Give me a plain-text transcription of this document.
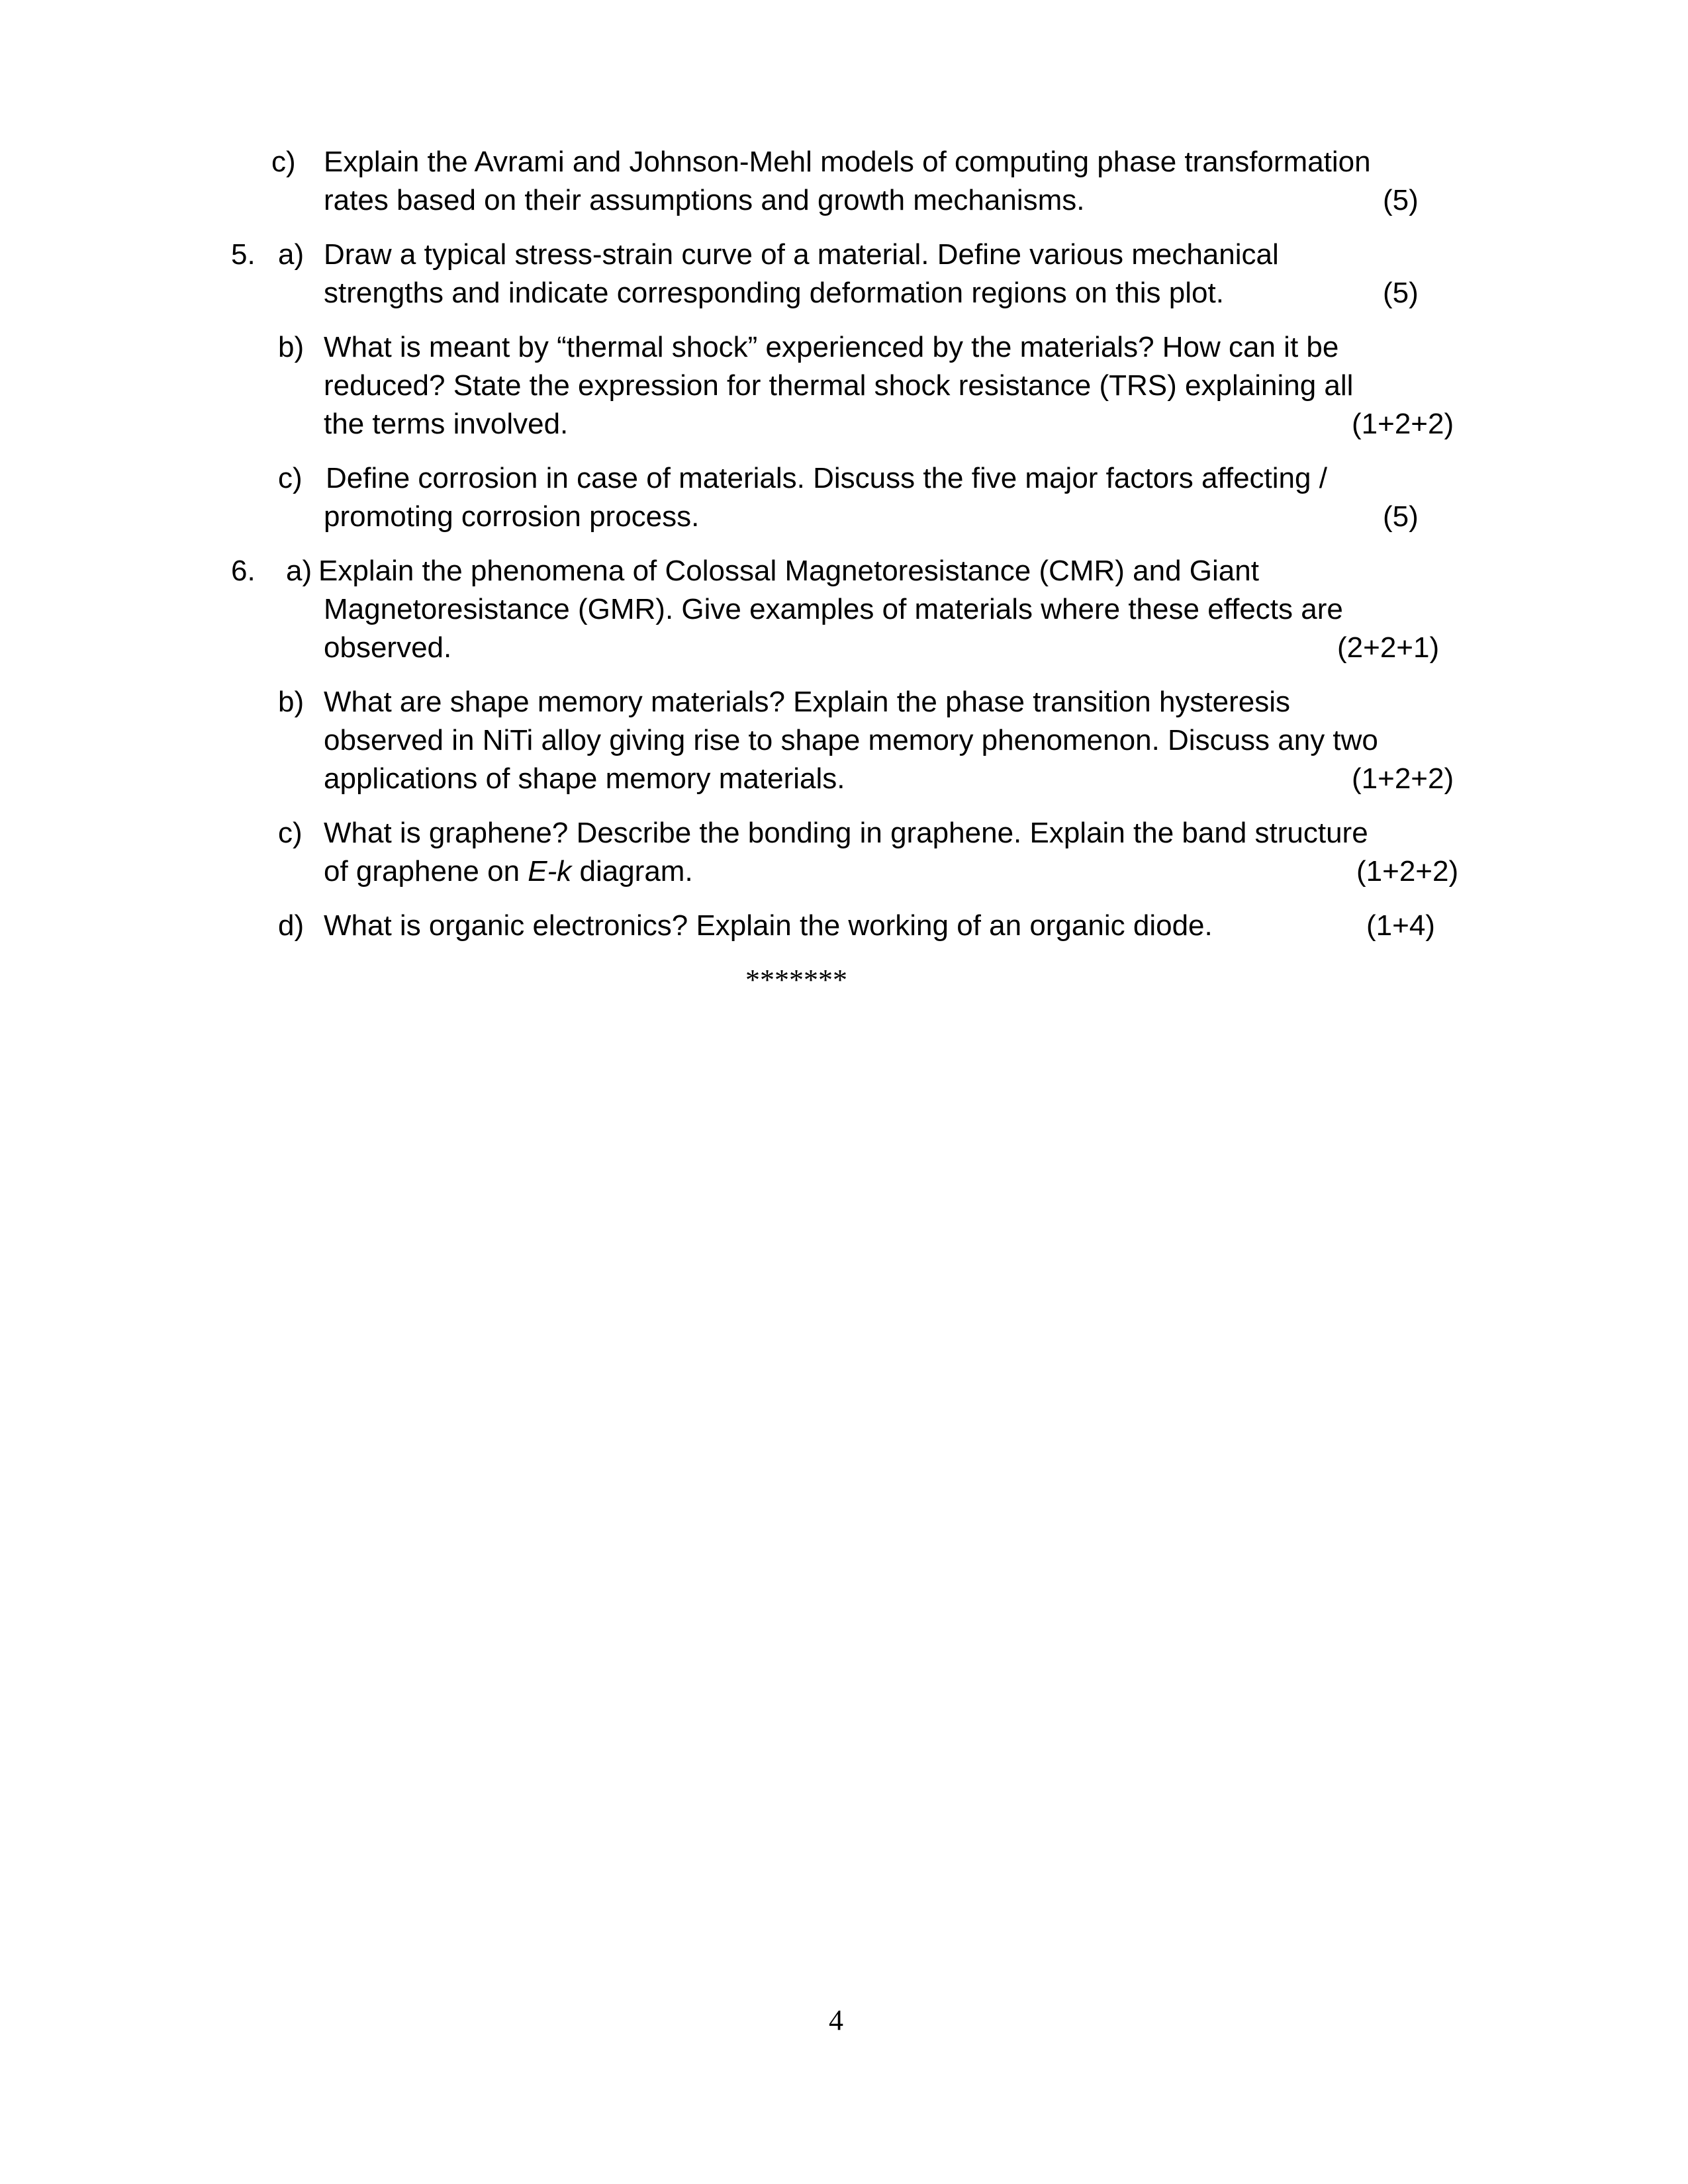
c) Explain the Avrami and Johnson-Mehl models of computing phase transformation
rates based on their assumptions and growth mechanisms.	(5)
5. a) Draw a typical stress-strain curve of a material. Define various mechanical
strengths and indicate corresponding deformation regions on this plot.	(5)
b) What is meant by “thermal shock” experienced by the materials? How can it be
reduced? State the expression for thermal shock resistance (TRS) explaining all
the terms involved.	(1+2+2)
c) Define corrosion in case of materials. Discuss the five major factors affecting /
promoting corrosion process.	(5)
6. a) Explain the phenomena of Colossal Magnetoresistance (CMR) and Giant
Magnetoresistance (GMR). Give examples of materials where these effects are
observed.	(2+2+1)
b) What are shape memory materials? Explain the phase transition hysteresis
observed in NiTi alloy giving rise to shape memory phenomenon. Discuss any two
applications of shape memory materials.	(1+2+2)
c) What is graphene? Describe the bonding in graphene. Explain the band structure
of graphene on E-k diagram.	(1+2+2)
d) What is organic electronics? Explain the working of an organic diode.	(1+4)
*******
4
